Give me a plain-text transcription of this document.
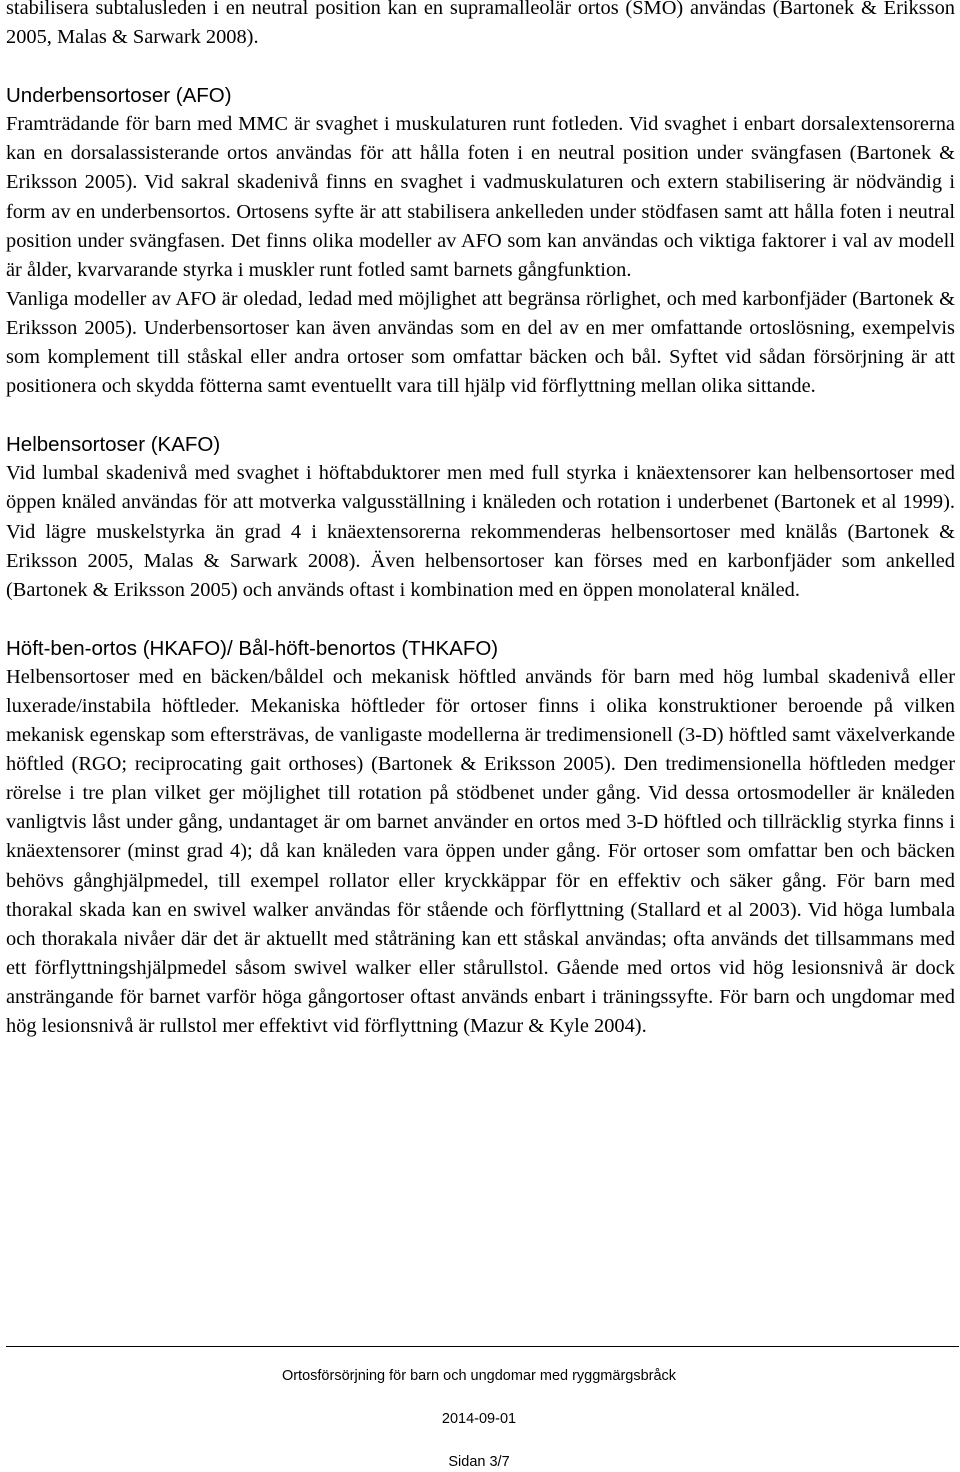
stabilisera subtalusleden i en neutral position kan en supramalleolär ortos (SMO) användas (Bartonek & Eriksson 2005, Malas & Sarwark 2008).

Underbensortoser (AFO)

Framträdande för barn med MMC är svaghet i muskulaturen runt fotleden. Vid svaghet i enbart dorsalextensorerna kan en dorsalassisterande ortos användas för att hålla foten i en neutral position under svängfasen (Bartonek & Eriksson 2005). Vid sakral skadenivå finns en svaghet i vadmuskulaturen och extern stabilisering är nödvändig i form av en underbensortos. Ortosens syfte är att stabilisera ankelleden under stödfasen samt att hålla foten i neutral position under svängfasen. Det finns olika modeller av AFO som kan användas och viktiga faktorer i val av modell är ålder, kvarvarande styrka i muskler runt fotled samt barnets gångfunktion.

Vanliga modeller av AFO är oledad, ledad med möjlighet att begränsa rörlighet, och med karbonfjäder (Bartonek & Eriksson 2005). Underbensortoser kan även användas som en del av en mer omfattande ortoslösning, exempelvis som komplement till ståskal eller andra ortoser som omfattar bäcken och bål. Syftet vid sådan försörjning är att positionera och skydda fötterna samt eventuellt vara till hjälp vid förflyttning mellan olika sittande.

Helbensortoser (KAFO)

Vid lumbal skadenivå med svaghet i höftabduktorer men med full styrka i knäextensorer kan helbensortoser med öppen knäled användas för att motverka valgusställning i knäleden och rotation i underbenet (Bartonek et al 1999). Vid lägre muskelstyrka än grad 4 i knäextensorerna rekommenderas helbensortoser med knälås (Bartonek & Eriksson 2005, Malas & Sarwark 2008). Även helbensortoser kan förses med en karbonfjäder som ankelled (Bartonek & Eriksson 2005) och används oftast i kombination med en öppen monolateral knäled.

Höft-ben-ortos (HKAFO)/ Bål-höft-benortos (THKAFO)

Helbensortoser med en bäcken/båldel och mekanisk höftled används för barn med hög lumbal skadenivå eller luxerade/instabila höftleder. Mekaniska höftleder för ortoser finns i olika konstruktioner beroende på vilken mekanisk egenskap som eftersträvas, de vanligaste modellerna är tredimensionell (3-D) höftled samt växelverkande höftled (RGO; reciprocating gait orthoses) (Bartonek & Eriksson 2005). Den tredimensionella höftleden medger rörelse i tre plan vilket ger möjlighet till rotation på stödbenet under gång. Vid dessa ortosmodeller är knäleden vanligtvis låst under gång, undantaget är om barnet använder en ortos med 3-D höftled och tillräcklig styrka finns i knäextensorer (minst grad 4); då kan knäleden vara öppen under gång. För ortoser som omfattar ben och bäcken behövs gånghjälpmedel, till exempel rollator eller kryckkäppar för en effektiv och säker gång. För barn med thorakal skada kan en swivel walker användas för stående och förflyttning (Stallard et al 2003). Vid höga lumbala och thorakala nivåer där det är aktuellt med ståträning kan ett ståskal användas; ofta används det tillsammans med ett förflyttningshjälpmedel såsom swivel walker eller stårullstol. Gående med ortos vid hög lesionsnivå är dock ansträngande för barnet varför höga gångortoser oftast används enbart i träningssyfte. För barn och ungdomar med hög lesionsnivå är rullstol mer effektivt vid förflyttning (Mazur & Kyle 2004).

Ortosförsörjning för barn och ungdomar med ryggmärgsbråck
2014-09-01
Sidan 3/7
